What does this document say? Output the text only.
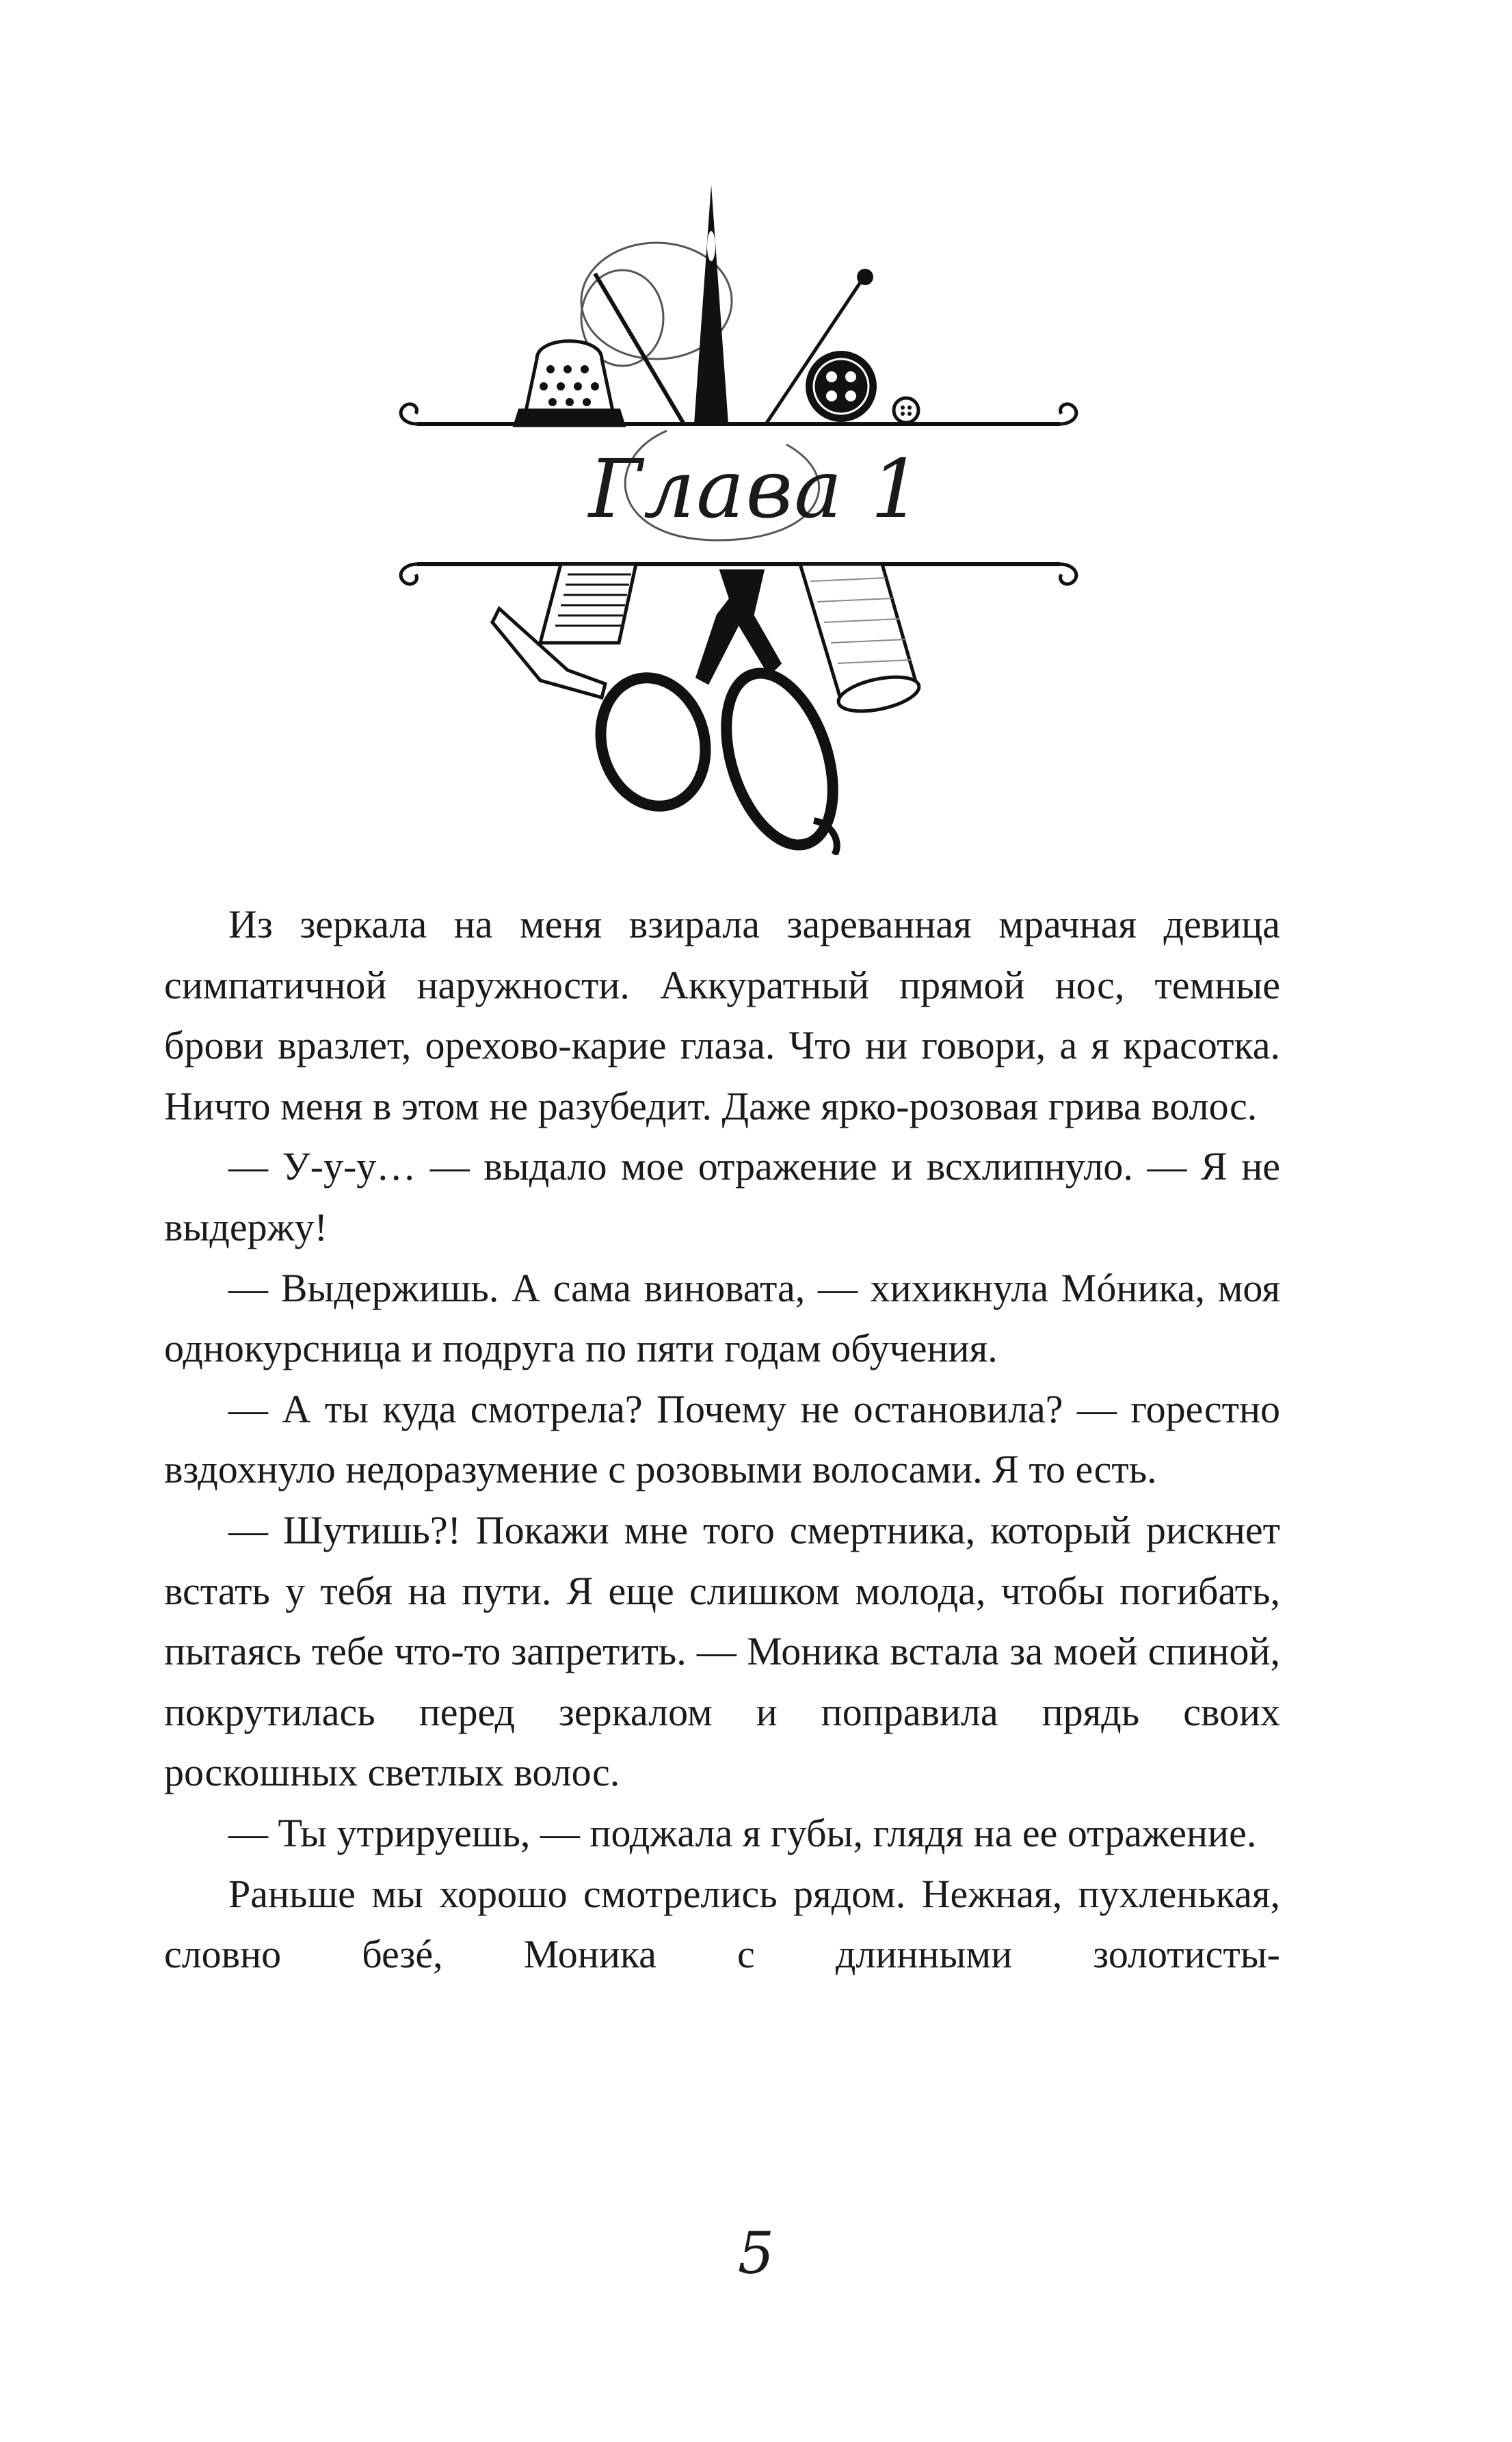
Глава 1

Из зеркала на меня взирала зареванная мрачная девица симпатичной наружности. Аккуратный прямой нос, темные брови вразлет, орехово-карие глаза. Что ни говори, а я красотка. Ничто меня в этом не разубедит. Даже ярко-розовая грива волос.

— У-у-у… — выдало мое отражение и всхлипнуло. — Я не выдержу!

— Выдержишь. А сама виновата, — хихикнула Мóника, моя однокурсница и подруга по пяти годам обучения.

— А ты куда смотрела? Почему не остановила? — горестно вздохнуло недоразумение с розовыми волосами. Я то есть.

— Шутишь?! Покажи мне того смертника, который рискнет встать у тебя на пути. Я еще слишком молода, чтобы погибать, пытаясь тебе что-то запретить. — Моника встала за моей спиной, покрутилась перед зеркалом и поправила прядь своих роскошных светлых волос.

— Ты утрируешь, — поджала я губы, глядя на ее отражение.

Раньше мы хорошо смотрелись рядом. Нежная, пухленькая, словно безé, Моника с длинными золотисты-

5
